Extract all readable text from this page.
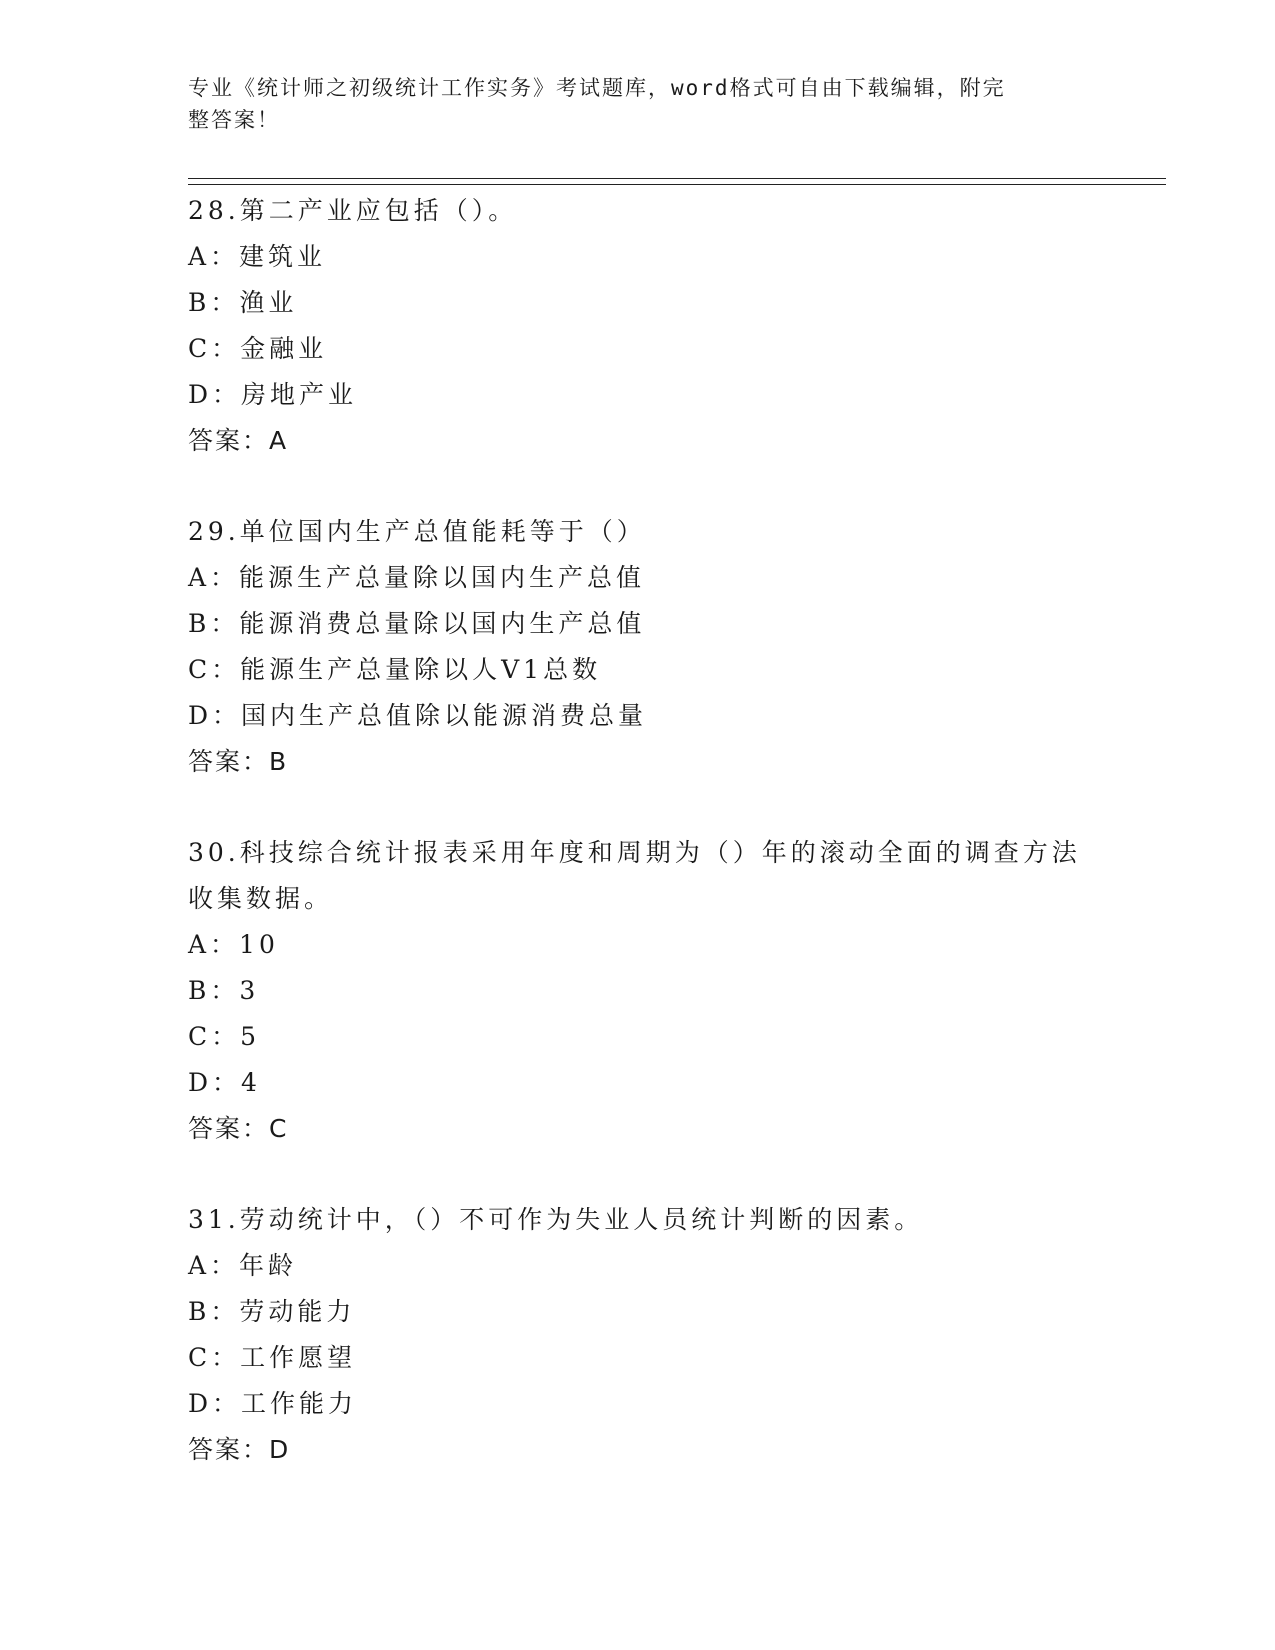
专业《统计师之初级统计工作实务》考试题库，word格式可自由下载编辑，附完
整答案！
28.第二产业应包括（）。
A：建筑业
B：渔业
C：金融业
D：房地产业
答案：A
29.单位国内生产总值能耗等于（）
A：能源生产总量除以国内生产总值
B：能源消费总量除以国内生产总值
C：能源生产总量除以人V1总数
D：国内生产总值除以能源消费总量
答案：B
30.科技综合统计报表采用年度和周期为（）年的滚动全面的调查方法收集数据。
A：10
B：3
C：5
D：4
答案：C
31.劳动统计中，（）不可作为失业人员统计判断的因素。
A：年龄
B：劳动能力
C：工作愿望
D：工作能力
答案：D
